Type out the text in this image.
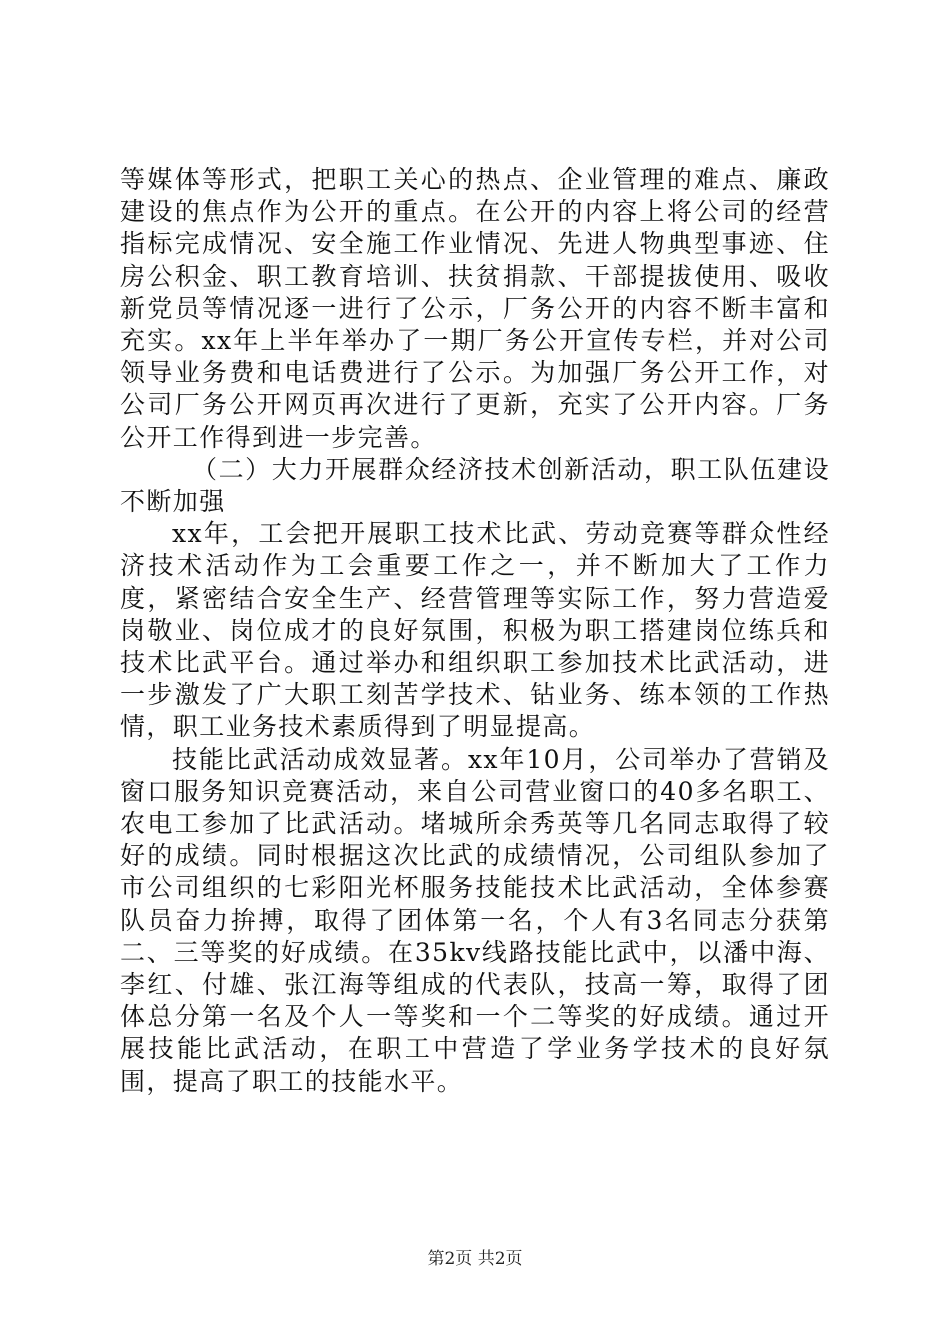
等媒体等形式，把职工关心的热点、企业管理的难点、廉政建设的焦点作为公开的重点。在公开的内容上将公司的经营指标完成情况、安全施工作业情况、先进人物典型事迹、住房公积金、职工教育培训、扶贫捐款、干部提拔使用、吸收新党员等情况逐一进行了公示，厂务公开的内容不断丰富和充实。xx年上半年举办了一期厂务公开宣传专栏，并对公司领导业务费和电话费进行了公示。为加强厂务公开工作，对公司厂务公开网页再次进行了更新，充实了公开内容。厂务公开工作得到进一步完善。

（二）大力开展群众经济技术创新活动，职工队伍建设不断加强

xx年，工会把开展职工技术比武、劳动竞赛等群众性经济技术活动作为工会重要工作之一，并不断加大了工作力度，紧密结合安全生产、经营管理等实际工作，努力营造爱岗敬业、岗位成才的良好氛围，积极为职工搭建岗位练兵和技术比武平台。通过举办和组织职工参加技术比武活动，进一步激发了广大职工刻苦学技术、钻业务、练本领的工作热情，职工业务技术素质得到了明显提高。

技能比武活动成效显著。xx年10月，公司举办了营销及窗口服务知识竞赛活动，来自公司营业窗口的40多名职工、农电工参加了比武活动。堵城所余秀英等几名同志取得了较好的成绩。同时根据这次比武的成绩情况，公司组队参加了市公司组织的七彩阳光杯服务技能技术比武活动，全体参赛队员奋力拚搏，取得了团体第一名，个人有3名同志分获第二、三等奖的好成绩。在35kv线路技能比武中，以潘中海、李红、付雄、张江海等组成的代表队，技高一筹，取得了团体总分第一名及个人一等奖和一个二等奖的好成绩。通过开展技能比武活动，在职工中营造了学业务学技术的良好氛围，提高了职工的技能水平。

第2页 共2页
